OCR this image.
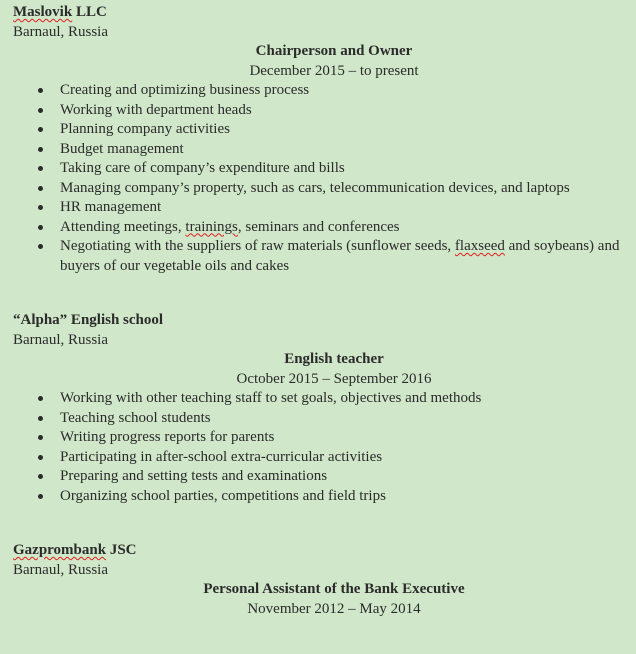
Maslovik LLC
Barnaul, Russia
Chairperson and Owner
December 2015 – to present
Creating and optimizing business process
Working with department heads
Planning company activities
Budget management
Taking care of company’s expenditure and bills
Managing company’s property, such as cars, telecommunication devices, and laptops
HR management
Attending meetings, trainings, seminars and conferences
Negotiating with the suppliers of raw materials (sunflower seeds, flaxseed and soybeans) and buyers of our vegetable oils and cakes
“Alpha” English school
Barnaul, Russia
English teacher
October 2015 – September 2016
Working with other teaching staff to set goals, objectives and methods
Teaching school students
Writing progress reports for parents
Participating in after-school extra-curricular activities
Preparing and setting tests and examinations
Organizing school parties, competitions and field trips
Gazprombank JSC
Barnaul, Russia
Personal Assistant of the Bank Executive
November 2012 – May 2014
